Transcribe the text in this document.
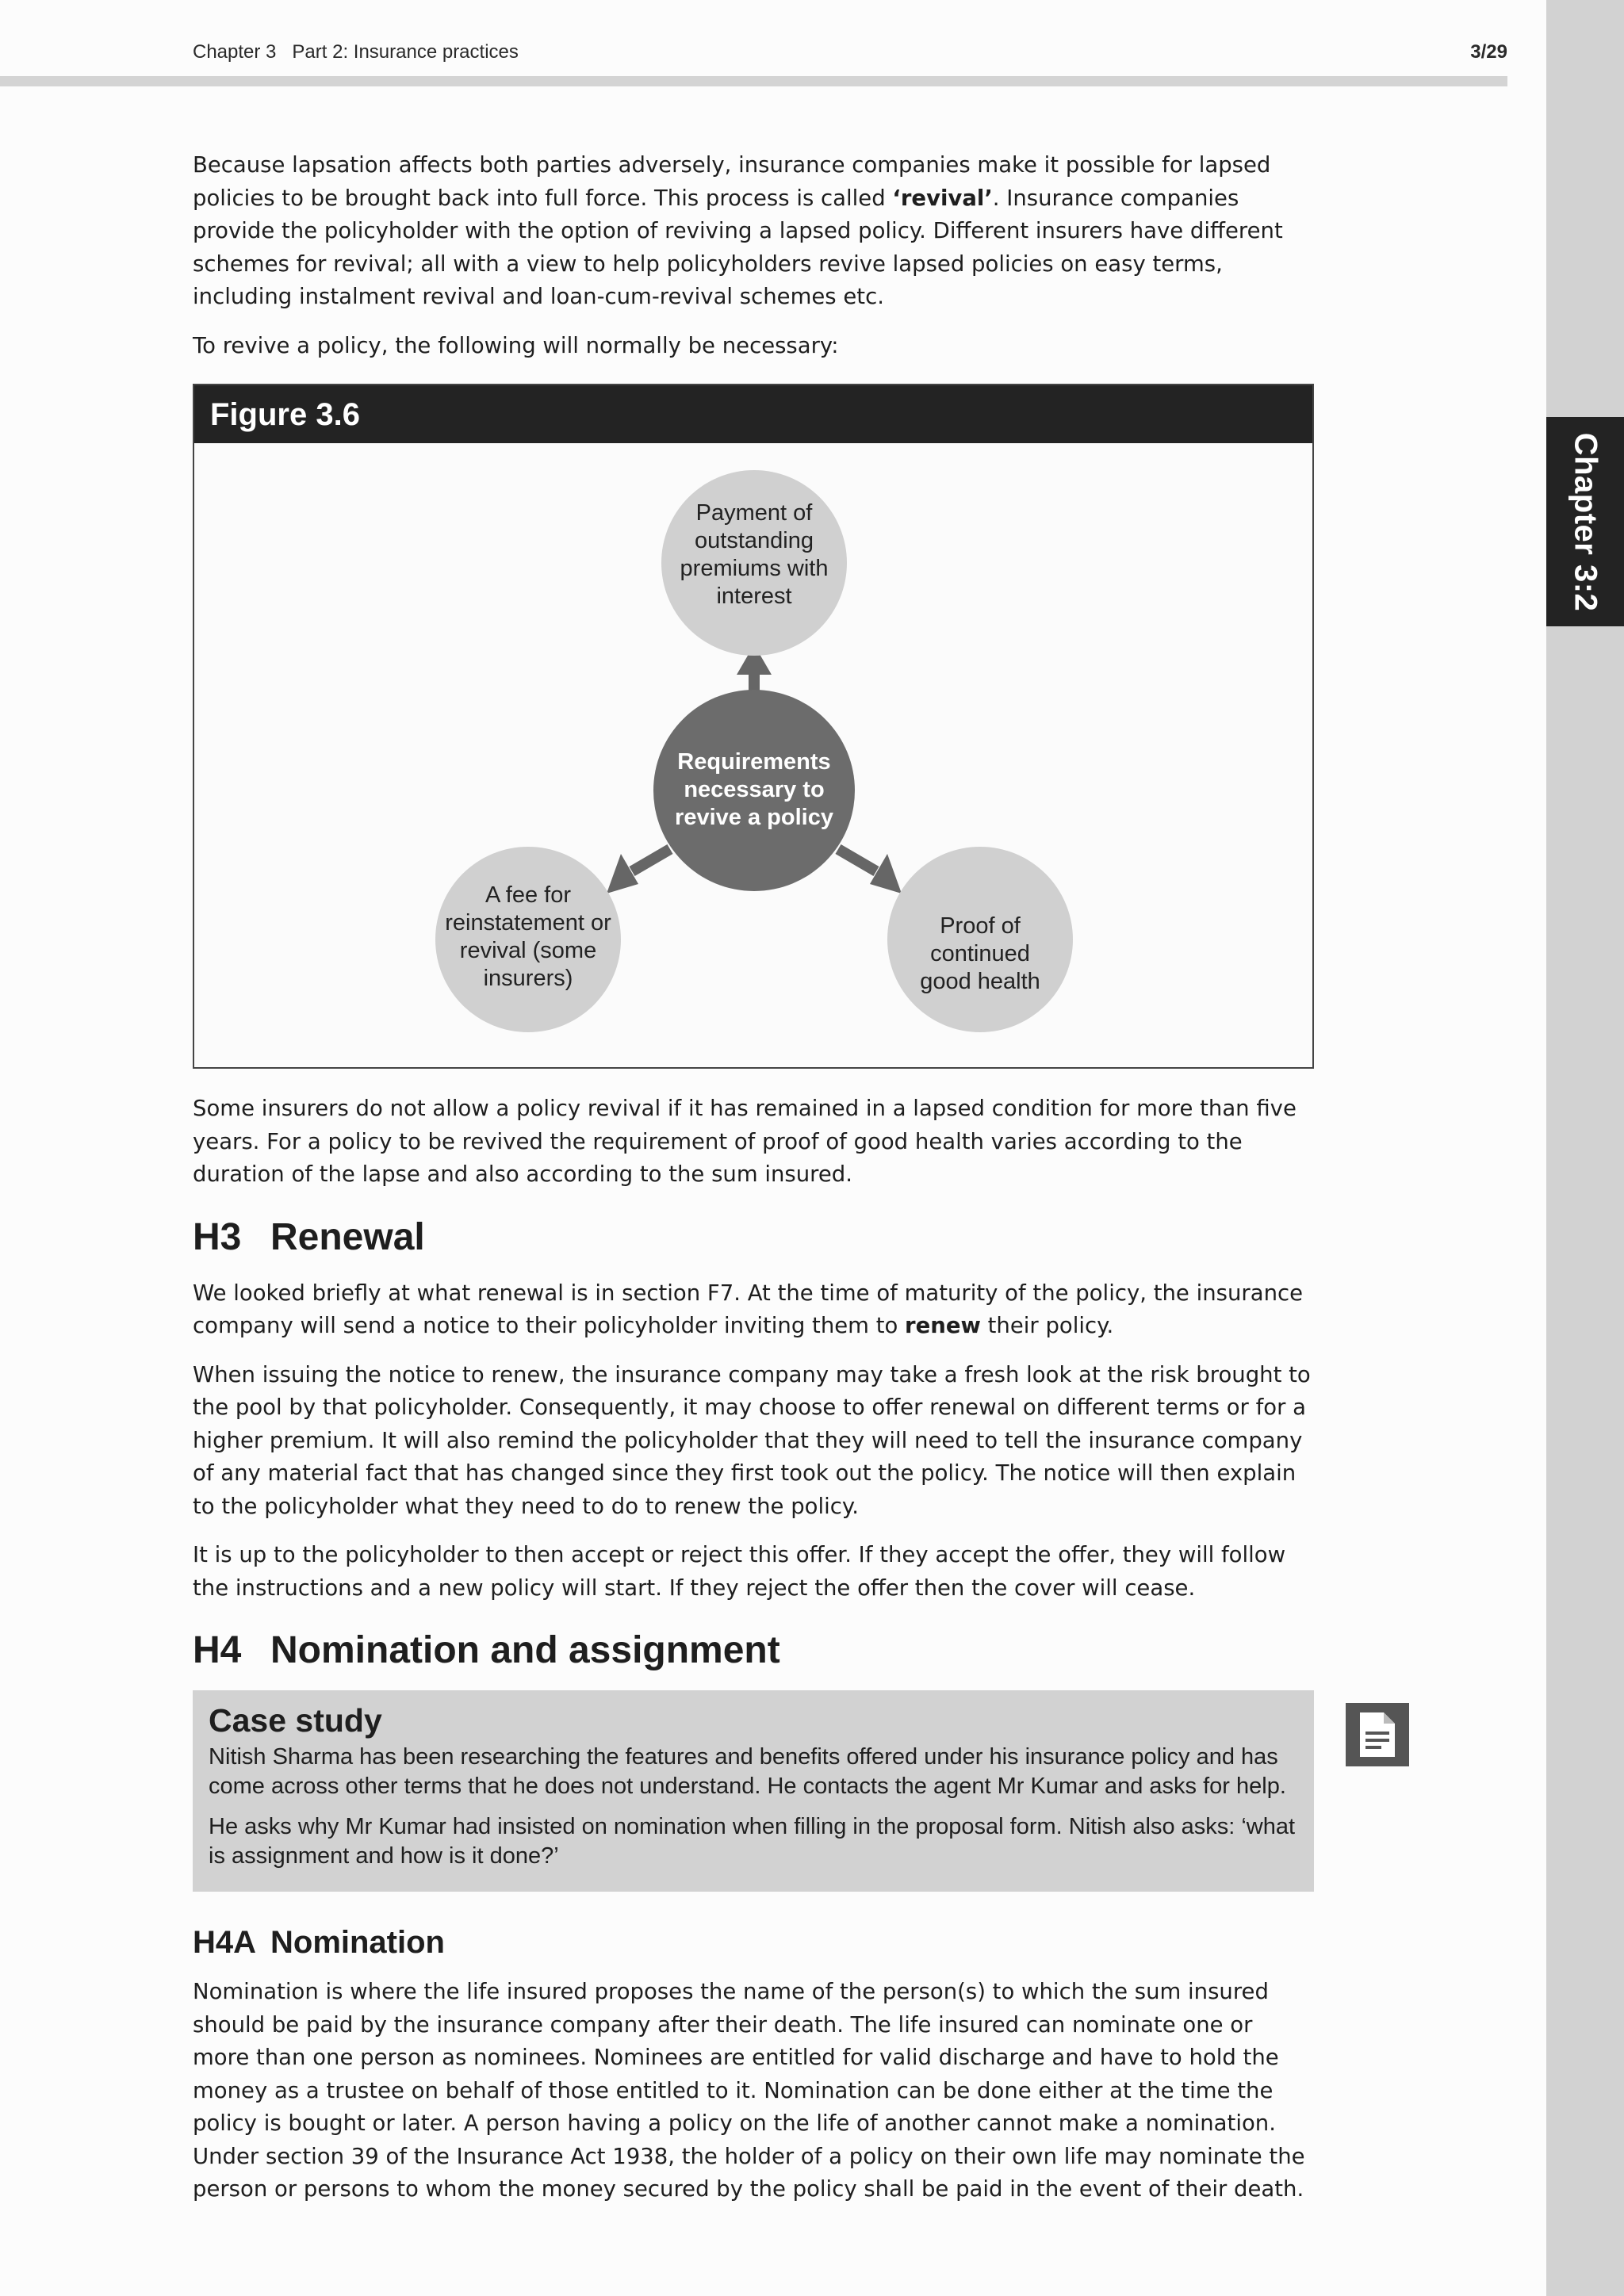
Chapter 3:2
Chapter 3 Part 2: Insurance practices	3/29

Because lapsation affects both parties adversely, insurance companies make it possible for lapsed policies to be brought back into full force. This process is called ‘revival’. Insurance companies provide the policyholder with the option of reviving a lapsed policy. Different insurers have different schemes for revival; all with a view to help policyholders revive lapsed policies on easy terms, including instalment revival and loan-cum-revival schemes etc.

To revive a policy, the following will normally be necessary:

Figure 3.6
Payment of outstanding premiums with interest
Requirements necessary to revive a policy
A fee for reinstatement or revival (some insurers)
Proof of continued good health

Some insurers do not allow a policy revival if it has remained in a lapsed condition for more than five years. For a policy to be revived the requirement of proof of good health varies according to the duration of the lapse and also according to the sum insured.

H3 Renewal

We looked briefly at what renewal is in section F7. At the time of maturity of the policy, the insurance company will send a notice to their policyholder inviting them to renew their policy.

When issuing the notice to renew, the insurance company may take a fresh look at the risk brought to the pool by that policyholder. Consequently, it may choose to offer renewal on different terms or for a higher premium. It will also remind the policyholder that they will need to tell the insurance company of any material fact that has changed since they first took out the policy. The notice will then explain to the policyholder what they need to do to renew the policy.

It is up to the policyholder to then accept or reject this offer. If they accept the offer, they will follow the instructions and a new policy will start. If they reject the offer then the cover will cease.

H4 Nomination and assignment
Case study

Nitish Sharma has been researching the features and benefits offered under his insurance policy and has come across other terms that he does not understand. He contacts the agent Mr Kumar and asks for help.

He asks why Mr Kumar had insisted on nomination when filling in the proposal form. Nitish also asks: ‘what is assignment and how is it done?’

H4A Nomination

Nomination is where the life insured proposes the name of the person(s) to which the sum insured should be paid by the insurance company after their death. The life insured can nominate one or more than one person as nominees. Nominees are entitled for valid discharge and have to hold the money as a trustee on behalf of those entitled to it. Nomination can be done either at the time the policy is bought or later. A person having a policy on the life of another cannot make a nomination. Under section 39 of the Insurance Act 1938, the holder of a policy on their own life may nominate the person or persons to whom the money secured by the policy shall be paid in the event of their death.
